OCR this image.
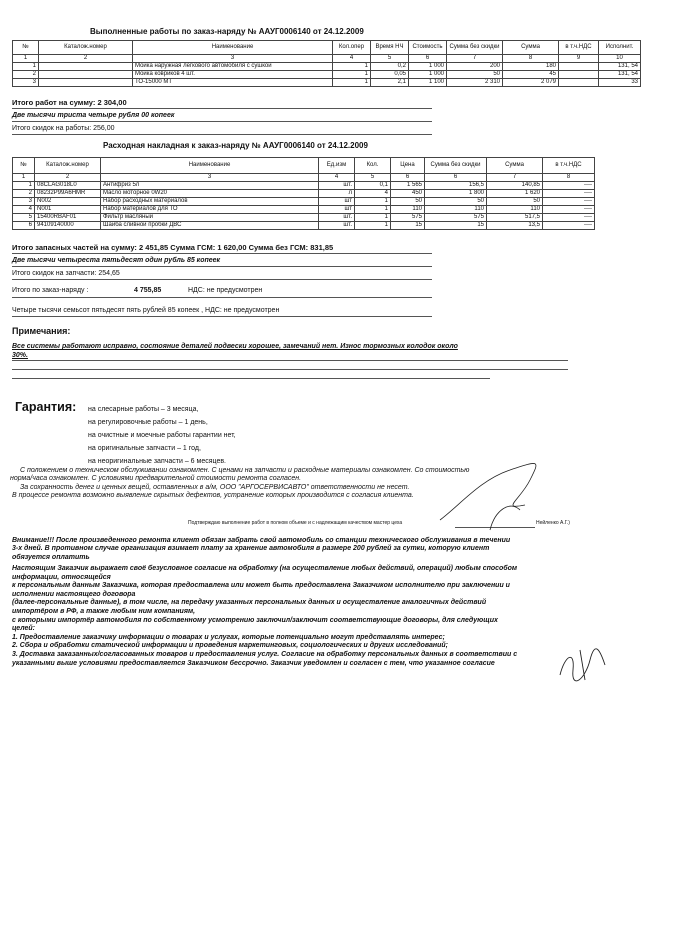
Выполненные работы по заказ-наряду № ААУГ0006140 от 24.12.2009
№	Каталож.номер	Наименование	Кол.опер	Время НЧ	Стоимость	Сумма без скидки	Сумма	в т.ч.НДС	Исполнит.
1	2	3	4	5	6	7	8	9	10
1		Мойка наружная легкового автомобиля с сушкой	1	0,2	1 000	200	180		131, 54
2		Мойка ковриков 4 шт.	1	0,05	1 000	50	45		131, 54
3		ТО-15000 МТ	1	2,1	1 100	2 310	2 079		33
Итого работ на сумму: 2 304,00
Две тысячи триста четыре рубля 00 копеек
Итого скидок на работы: 256,00
Расходная накладная к заказ-наряду № ААУГ0006140 от 24.12.2009
№	Каталож.номер	Наименование	Ед.изм	Кол.	Цена	Сумма без скидки	Сумма	в т.ч.НДС
1	2	3	4	5	6	6	7	8
1	08CLAG018L0	Антифриз 5л	шт.	0,1	1 565	156,5	140,85	----
2	08232P99A6HMR	Масло моторное 0W20	л	4	450	1 800	1 620	----
3	N002	Набор расходных материалов	шт	1	50	50	50	----
4	N001	Набор материалов для ТО	шт	1	110	110	110	----
5	15400RBAF01	Фильтр масляный	шт.	1	575	575	517,5	----
6	94109140000	Шайба сливной пробки ДВС	шт.	1	15	15	13,5	----
Итого запасных частей на сумму: 2 451,85 Сумма ГСМ: 1 620,00 Сумма без ГСМ: 831,85
Две тысячи четыреста пятьдесят один рубль 85 копеек
Итого скидок на запчасти: 254,65
Итого по заказ-наряду :	4 755,85	НДС: не предусмотрен
Четыре тысячи семьсот пятьдесят пять рублей 85 копеек , НДС: не предусмотрен
Примечания:
Все системы работают исправно, состояние деталей подвески хорошее, замечаний нет. Износ тормозных колодок около
30%.
Гарантия: на слесарные работы – 3 месяца,
на регулировочные работы – 1 день,
на очистные и моечные работы гарантии нет,
на оригинальные запчасти – 1 год,
на неоригинальные запчасти – 6 месяцев.
С положением о техническом обслуживании ознакомлен. С ценами на запчасти и расходные материалы ознакомлен. Со стоимостью
норма/часа ознакомлен. С условиями предварительной стоимости ремонта согласен.
За сохранность денег и ценных вещей, оставленных в а/м, ООО "АРГОСЕРВИСАВТО" ответственности не несет.
В процессе ремонта возможно выявление скрытых дефектов, устранение которых производится с согласия клиента.
Подтверждаю выполнение работ в полном объеме и с надлежащим качеством мастер цеха	Нейленко А.Г.)
Внимание!!! После произведенного ремонта клиент обязан забрать свой автомобиль со станции технического обслуживания в течении
3-х дней. В противном случае организация взимает плату за хранение автомобиля в размере 200 рублей за сутки, которую клиент
обязуется оплатить
Настоящим Заказчик выражает своё безусловное согласие на обработку (на осуществление любых действий, операций) любым способом
информации, относящейся
к персональным данным Заказчика, которая предоставлена или может быть предоставлена Заказчиком исполнителю при заключении и
исполнении настоящего договора
(далее-персональные данные), в том числе, на передачу указанных персональных данных и осуществление аналогичных действий
импортёром в РФ, а также любым ним компаниям,
с которыми импортёр автомобиля по собственному усмотрению заключил/заключит соответствующие договоры, для следующих
целей:
1. Предоставление заказчику информации о товарах и услугах, которые потенциально могут представлять интерес;
2. Сбора и обработки статической информации и проведения маркетинговых, социологических и других исследований;
3. Доставка заказанных/согласованных товаров и предоставления услуг. Согласие на обработку персональных данных в соответствии с
указанными выше условиями предоставляется Заказчиком бессрочно. Заказчик уведомлен и согласен с тем, что указанное согласие
